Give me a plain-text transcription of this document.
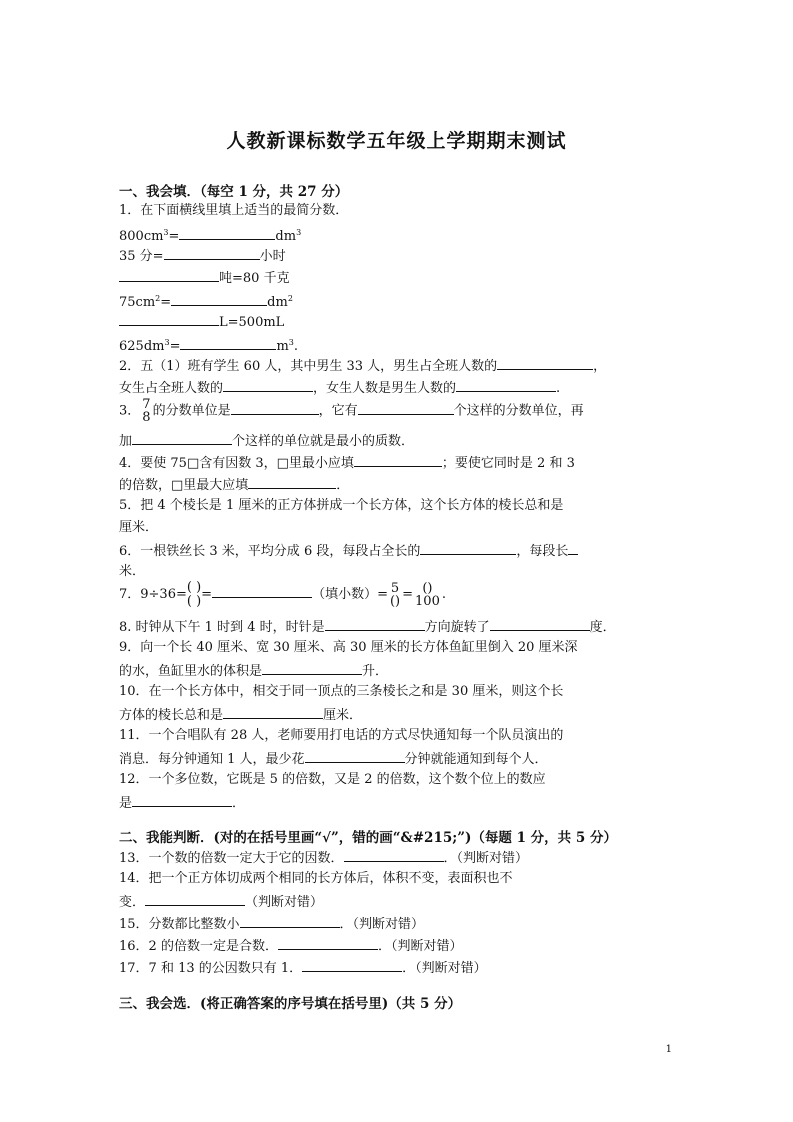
人教新课标数学五年级上学期期末测试
一、我会填．（每空 1 分，共 27 分）
1．在下面横线里填上适当的最简分数．
$800cm^3=$	$dm^3$
35 分=	小时
吨=80 千克
$75cm^2=$	$dm^2$
L=500mL
$625dm^3=$	$m^3$.
2．五（1）班有学生 60 人，其中男生 33 人，男生占全班人数的	，
女生占全班人数的	，女生人数是男生人数的	.
3． 7
8 的分数单位是	，它有	个这样的分数单位，再
加	个这样的单位就是最小的质数．
4．要使 75□含有因数 3，□里最小应填	；要使它同时是 2 和 3
的倍数，□里最大应填	．
5．把 4 个棱长是 1 厘米的正方体拼成一个长方体，这个长方体的棱长总和是
厘米．
6．一根铁丝长 3 米，平均分成 6 段，每段占全长的	，每段长
米．
7．9÷36= ( )
( ) =	（填小数）= 5
() = ()
100 .
8. 时钟从下午 1 时到 4 时，时针是	方向旋转了	度．
9．向一个长 40 厘米、宽 30 厘米、高 30 厘米的长方体鱼缸里倒入 20 厘米深
的水，鱼缸里水的体积是	升．
10．在一个长方体中，相交于同一顶点的三条棱长之和是 30 厘米，则这个长
方体的棱长总和是	厘米．
11．一个合唱队有 28 人，老师要用打电话的方式尽快通知每一个队员演出的
消息．每分钟通知 1 人，最少花	分钟就能通知到每个人．
12．一个多位数，它既是 5 的倍数，又是 2 的倍数，这个数个位上的数应
是	．
二、我能判断．(对的在括号里画“√”，错的画“&#215;”)（每题 1 分，共 5 分）
13．一个数的倍数一定大于它的因数．	．（判断对错）
14．把一个正方体切成两个相同的长方体后，体积不变，表面积也不
变．	（判断对错）
15．分数都比整数小	．（判断对错）
16．2 的倍数一定是合数．	．（判断对错）
17．7 和 13 的公因数只有 1．	．（判断对错）
三、我会选．(将正确答案的序号填在括号里)（共 5 分）
1
